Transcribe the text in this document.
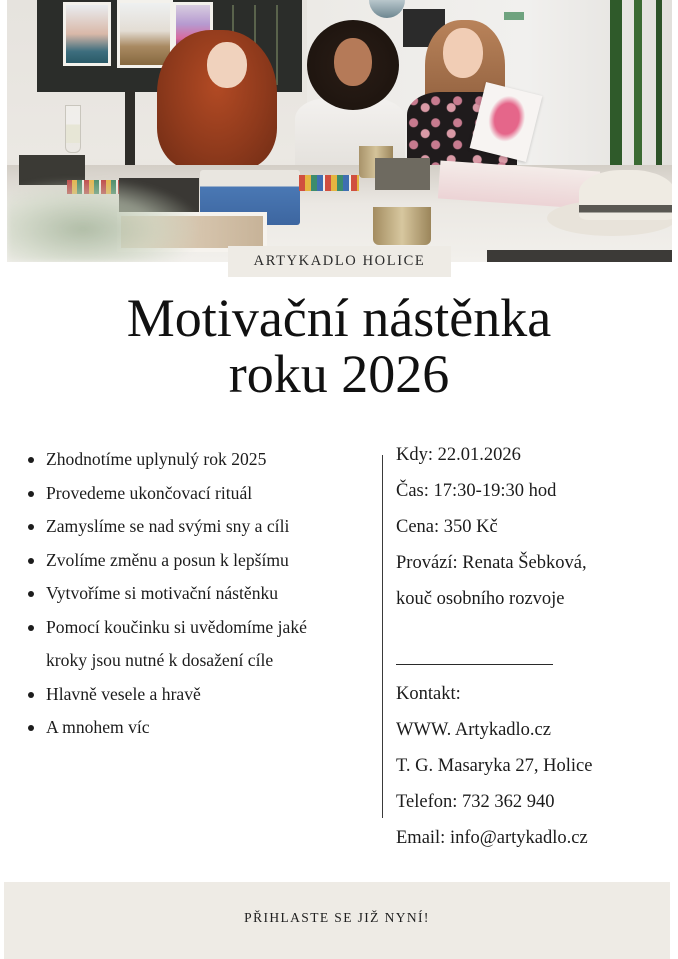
ARTYKADLO HOLICE
Motivační nástěnka
roku 2026
Zhodnotíme uplynulý rok 2025
Provedeme ukončovací rituál
Zamyslíme se nad svými sny a cíli
Zvolíme změnu a posun k lepšímu
Vytvoříme si motivační nástěnku
Pomocí koučinku si uvědomíme jaké
kroky jsou nutné k dosažení cíle
Hlavně vesele a hravě
A mnohem víc
Kdy: 22.01.2026
Čas: 17:30-19:30 hod
Cena: 350 Kč
Provází: Renata Šebková,
kouč osobního rozvoje
Kontakt:
WWW. Artykadlo.cz
T. G. Masaryka 27, Holice
Telefon: 732 362 940
Email: info@artykadlo.cz
PŘIHLASTE SE JIŽ NYNÍ!
